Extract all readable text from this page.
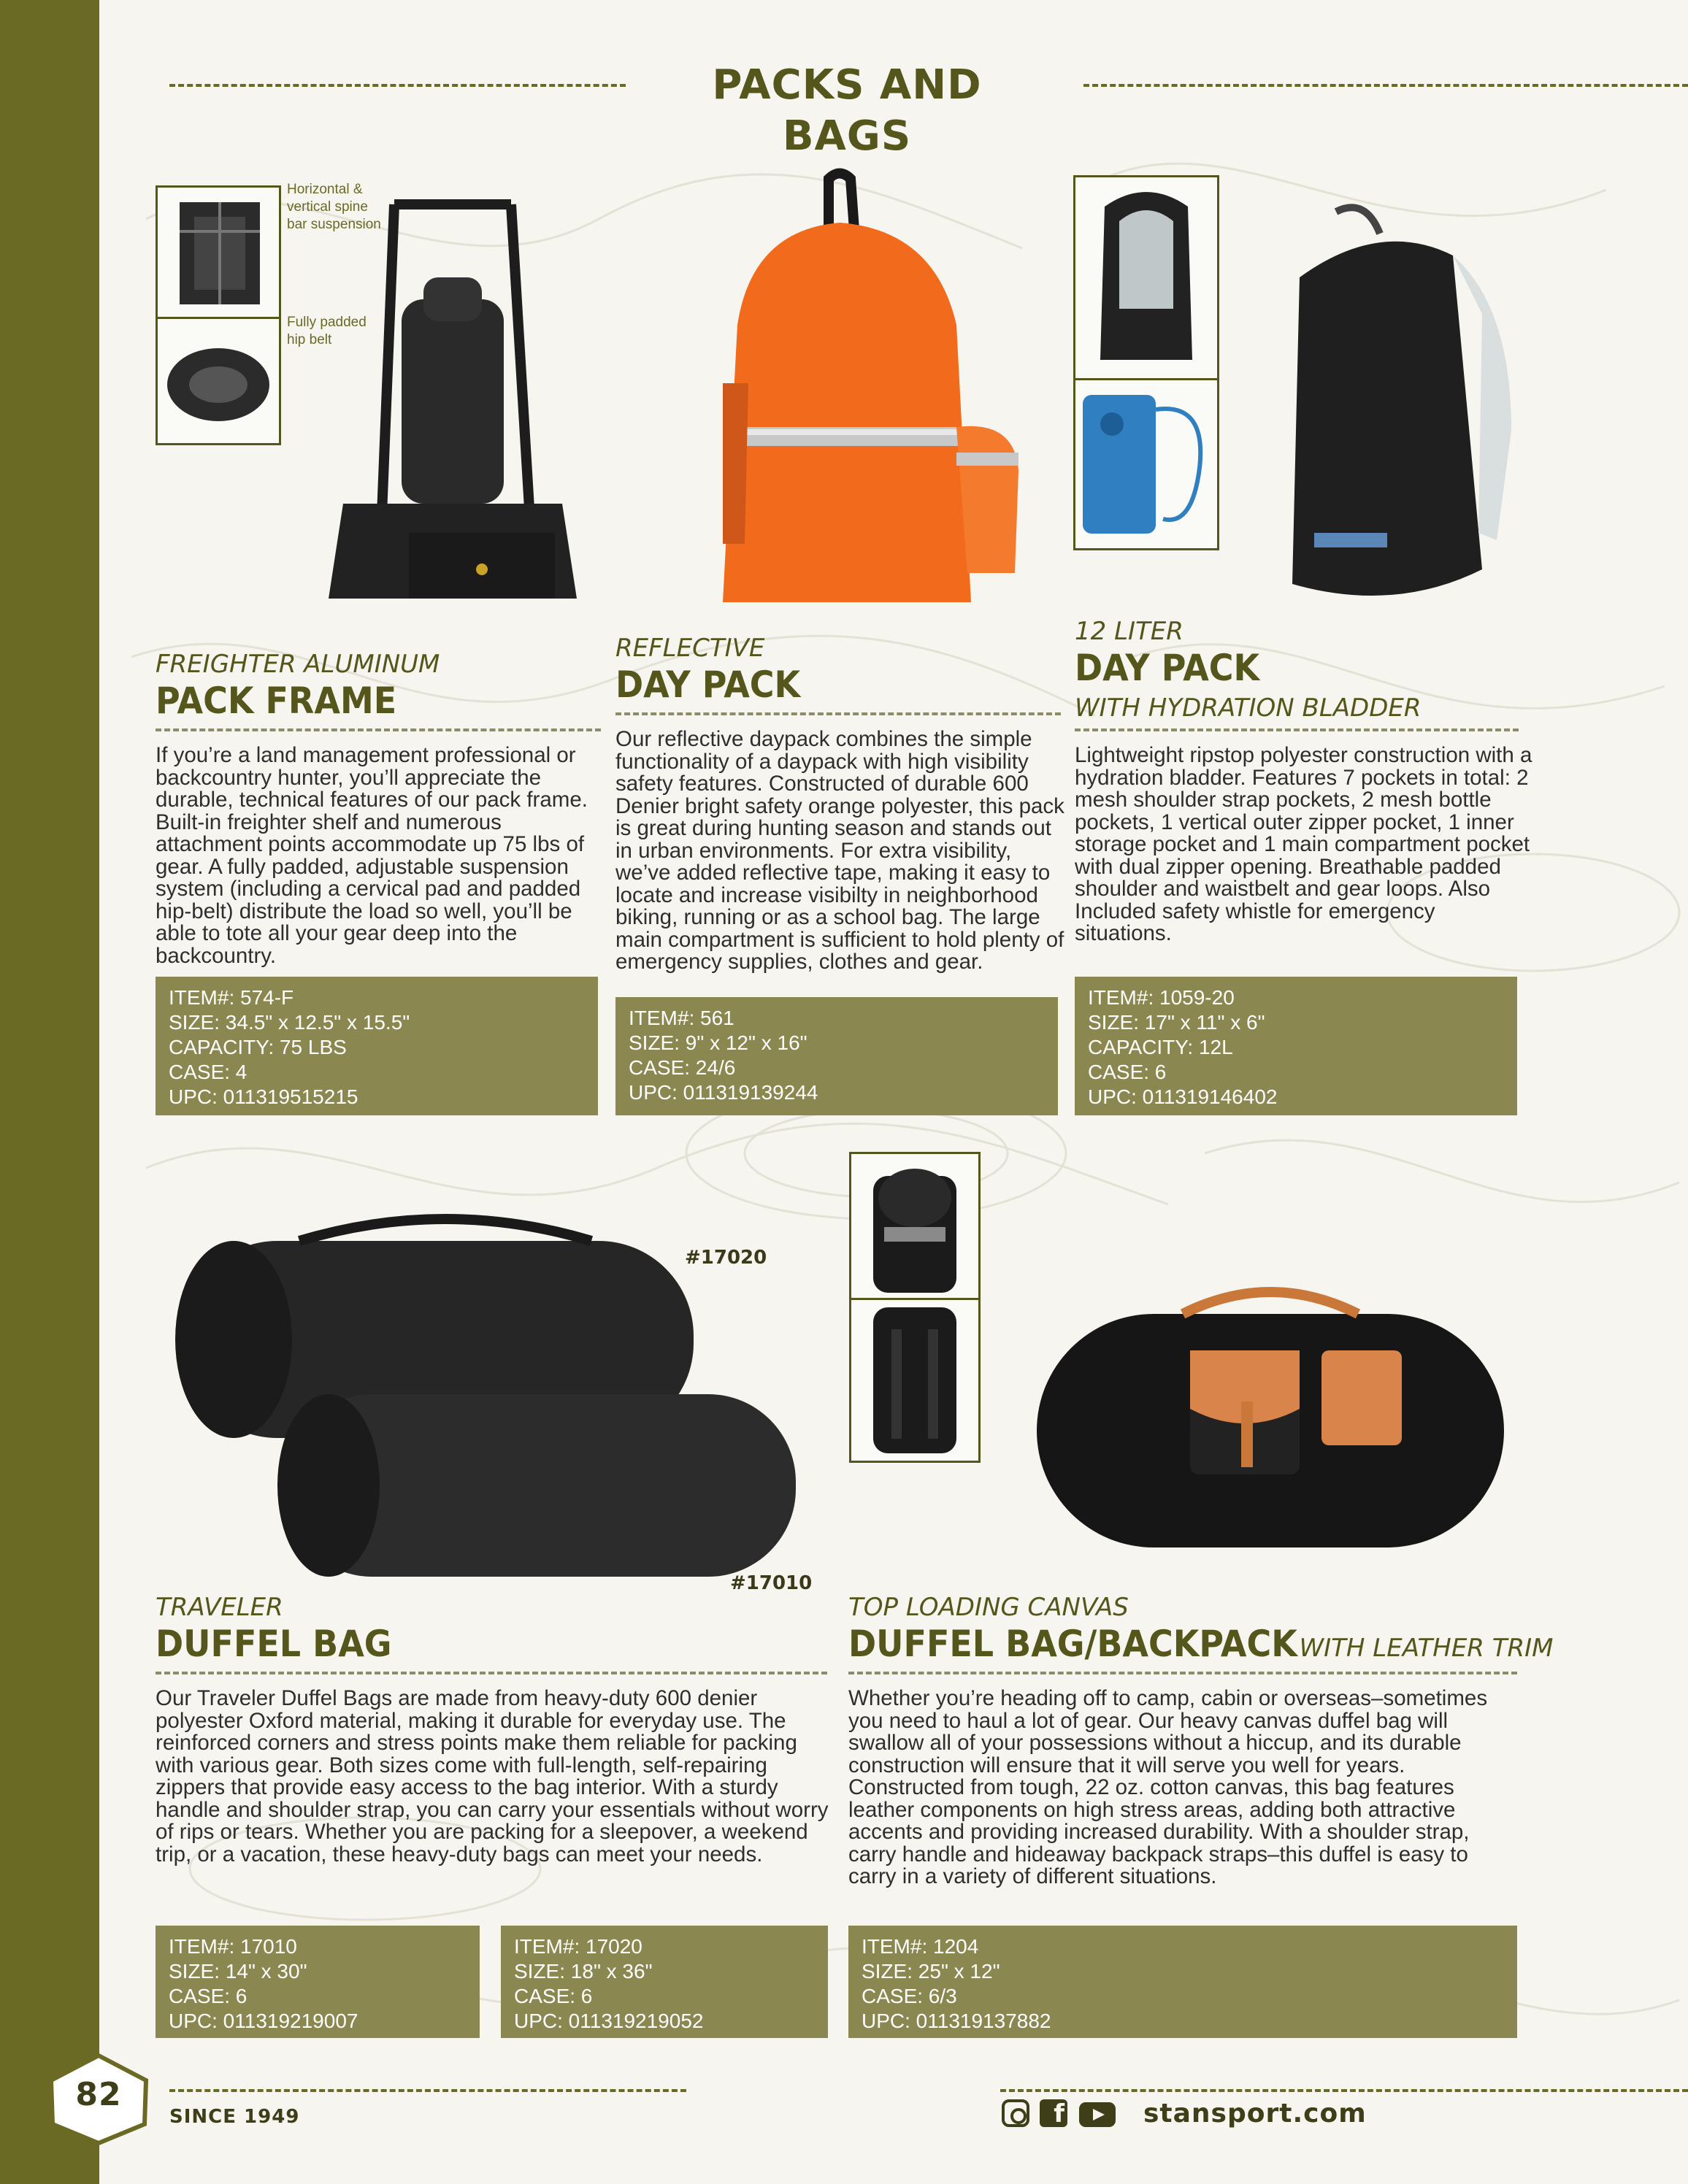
PACKS AND BAGS
Horizontal & vertical spine bar suspension
Fully padded hip belt
FREIGHTER ALUMINUM
PACK FRAME
If you’re a land management professional or backcountry hunter, you’ll appreciate the durable, technical features of our pack frame. Built-in freighter shelf and numerous attachment points accommodate up 75 lbs of gear. A fully padded, adjustable suspension system (including a cervical pad and padded hip-belt) distribute the load so well, you’ll be able to tote all your gear deep into the backcountry.
ITEM#: 574-F
SIZE: 34.5" x 12.5" x 15.5"
CAPACITY: 75 LBS
CASE: 4
UPC: 011319515215
REFLECTIVE
DAY PACK
Our reflective daypack combines the simple functionality of a daypack with high visibility safety features. Constructed of durable 600 Denier bright safety orange polyester, this pack is great during hunting season and stands out in urban environments. For extra visibility, we’ve added reflective tape, making it easy to locate and increase visibilty in neighborhood biking, running or as a school bag. The large main compartment is sufficient to hold plenty of emergency supplies, clothes and gear.
ITEM#: 561
SIZE: 9" x 12" x 16"
CASE: 24/6
UPC: 011319139244
12 LITER
DAY PACK
WITH HYDRATION BLADDER
Lightweight ripstop polyester construction with a hydration bladder. Features 7 pockets in total: 2 mesh shoulder strap pockets, 2 mesh bottle pockets, 1 vertical outer zipper pocket, 1 inner storage pocket and 1 main compartment pocket with dual zipper opening. Breathable padded shoulder and waistbelt and gear loops. Also Included safety whistle for emergency situations.
ITEM#: 1059-20
SIZE: 17" x 11" x 6"
CAPACITY: 12L
CASE: 6
UPC: 011319146402
#17020
#17010
TRAVELER
DUFFEL BAG
Our Traveler Duffel Bags are made from heavy-duty 600 denier polyester Oxford material, making it durable for everyday use. The reinforced corners and stress points make them reliable for packing with various gear. Both sizes come with full-length, self-repairing zippers that provide easy access to the bag interior. With a sturdy handle and shoulder strap, you can carry your essentials without worry of rips or tears. Whether you are packing for a sleepover, a weekend trip, or a vacation, these heavy-duty bags can meet your needs.
ITEM#: 17010
SIZE: 14" x 30"
CASE: 6
UPC: 011319219007
ITEM#: 17020
SIZE: 18" x 36"
CASE: 6
UPC: 011319219052
TOP LOADING CANVAS
DUFFEL BAG/BACKPACK WITH LEATHER TRIM
Whether you’re heading off to camp, cabin or overseas–sometimes you need to haul a lot of gear. Our heavy canvas duffel bag will swallow all of your possessions without a hiccup, and its durable construction will ensure that it will serve you well for years. Constructed from tough, 22 oz. cotton canvas, this bag features leather components on high stress areas, adding both attractive accents and providing increased durability. With a shoulder strap, carry handle and hideaway backpack straps–this duffel is easy to carry in a variety of different situations.
ITEM#: 1204
SIZE: 25" x 12"
CASE: 6/3
UPC: 011319137882
82
SINCE 1949	f	stansport.com
